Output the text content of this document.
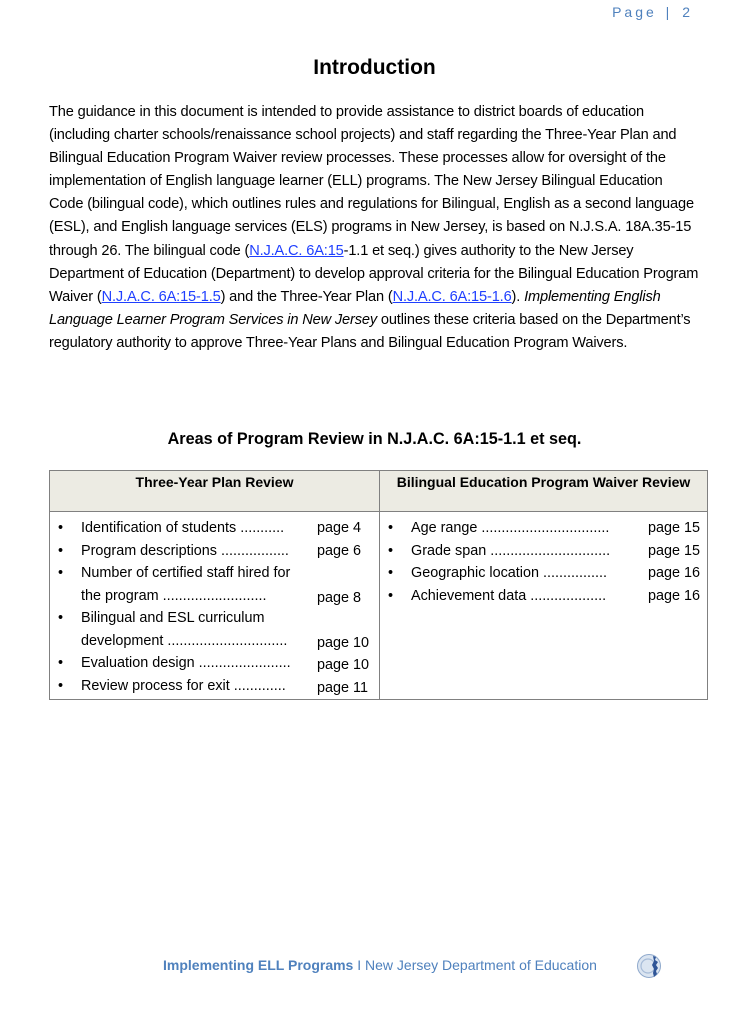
Page | 2
Introduction
The guidance in this document is intended to provide assistance to district boards of education (including charter schools/renaissance school projects) and staff regarding the Three-Year Plan and Bilingual Education Program Waiver review processes. These processes allow for oversight of the implementation of English language learner (ELL) programs. The New Jersey Bilingual Education Code (bilingual code), which outlines rules and regulations for Bilingual, English as a second language (ESL), and English language services (ELS) programs in New Jersey, is based on N.J.S.A. 18A.35-15 through 26. The bilingual code (N.J.A.C. 6A:15-1.1 et seq.) gives authority to the New Jersey Department of Education (Department) to develop approval criteria for the Bilingual Education Program Waiver (N.J.A.C. 6A:15-1.5) and the Three-Year Plan (N.J.A.C. 6A:15-1.6). Implementing English Language Learner Program Services in New Jersey outlines these criteria based on the Department’s regulatory authority to approve Three-Year Plans and Bilingual Education Program Waivers.
Areas of Program Review in N.J.A.C. 6A:15-1.1 et seq.
Three-Year Plan Review
• Identification of students ...........	page 4
• Program descriptions .................	page 6
• Number of certified staff hired for the program ..........................	page 8
• Bilingual and ESL curriculum development ..............................	page 10
• Evaluation design .......................	page 10
• Review process for exit .............	page 11
Bilingual Education Program Waiver Review
• Age range ................................	page 15
• Grade span ..............................	page 15
• Geographic location ................	page 16
• Achievement data ...................	page 16
Implementing ELL Programs I New Jersey Department of Education
